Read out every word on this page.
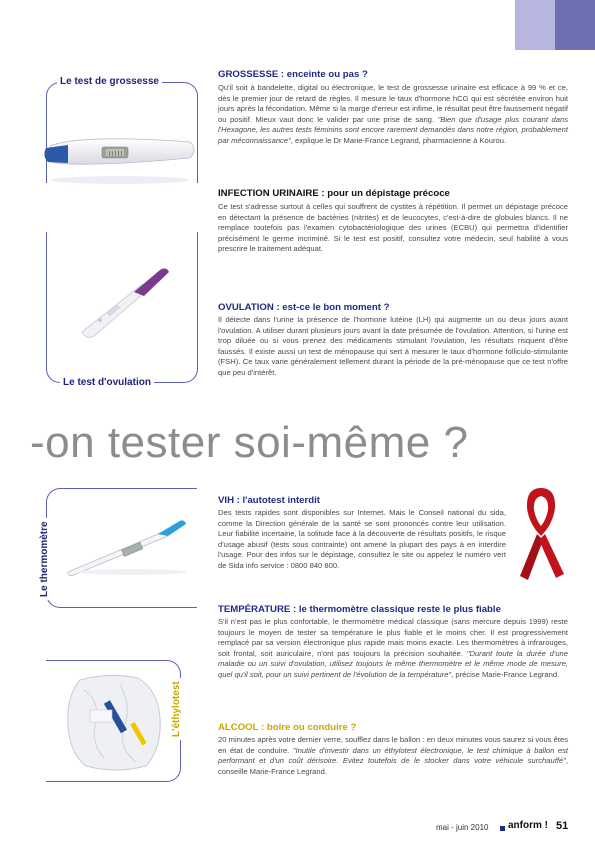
Le test de grossesse
|||||
Le test d'ovulation
GROSSESSE : enceinte ou pas ?
Qu'il soit à bandelette, digital ou électronique, le test de grossesse urinaire est efficace à 99 % et ce, dès le premier jour de retard de règles. Il mesure le taux d'hormone hCG qui est sécrétée environ huit jours après la fécondation. Même si la marge d'erreur est infime, le résultat peut être faussement négatif ou positif. Mieux vaut donc le valider par une prise de sang. "Bien que d'usage plus courant dans l'Hexagone, les autres tests féminins sont encore rarement demandés dans notre région, probablement par méconnaissance", explique le Dr Marie-France Legrand, pharmacienne à Kourou.
INFECTION URINAIRE : pour un dépistage précoce
Ce test s'adresse surtout à celles qui souffrent de cystites à répétition. Il permet un dépistage précoce en détectant la présence de bactéries (nitrites) et de leucocytes, c'est-à-dire de globules blancs. Il ne remplace toutefois pas l'examen cytobactériologique des urines (ECBU) qui permettra d'identifier précisément le germe incriminé. Si le test est positif, consultez votre médecin, seul habilité à vous prescrire le traitement adéquat.
OVULATION : est-ce le bon moment ?
Il détecte dans l'urine la présence de l'hormone lutéine (LH) qui augmente un ou deux jours avant l'ovulation. A utiliser durant plusieurs jours avant la date présumée de l'ovulation. Attention, si l'urine est trop diluée ou si vous prenez des médicaments stimulant l'ovulation, les résultats risquent d'être faussés. Il existe aussi un test de ménopause qui sert à mesurer le taux d'hormone folliculo-stimulante (FSH). Ce taux varie généralement tellement durant la période de la pré-ménopause que ce test n'offre que peu d'intérêt.
-on tester soi-même ?
Le thermomètre
L'éthylotest
VIH : l'autotest interdit
Des tests rapides sont disponibles sur Internet. Mais le Conseil national du sida, comme la Direction générale de la santé se sont prononcés contre leur utilisation. Leur fiabilité incertaine, la solitude face à la découverte de résultats positifs, le risque d'usage abusif (tests sous contrainte) ont amené la plupart des pays à en interdire l'usage. Pour des infos sur le dépistage, consultez le site ou appelez le numéro vert de Sida info service : 0800 840 800.
TEMPÉRATURE : le thermomètre classique reste le plus fiable
S'il n'est pas le plus confortable, le thermomètre médical classique (sans mercure depuis 1999) reste toujours le moyen de tester sa température le plus fiable et le moins cher. Il est progressivement remplacé par sa version électronique plus rapide mais moins exacte. Les thermomètres à infrarouges, soit frontal, soit auriculaire, n'ont pas toujours la précision souhaitée. "Durant toute la durée d'une maladie ou un suivi d'ovulation, utilisez toujours le même thermomètre et le même mode de mesure, quel qu'il soit, pour un suivi pertinent de l'évolution de la température", précise Marie-France Legrand.
ALCOOL : boire ou conduire ?
20 minutes après votre dernier verre, soufflez dans le ballon : en deux minutes vous saurez si vous êtes en état de conduire. "Inutile d'investir dans un éthylotest électronique, le test chimique à ballon est performant et d'un coût dérisoire. Evitez toutefois de le stocker dans votre véhicule surchauffé", conseille Marie-France Legrand.
mai - juin 2010 anform ! 51
